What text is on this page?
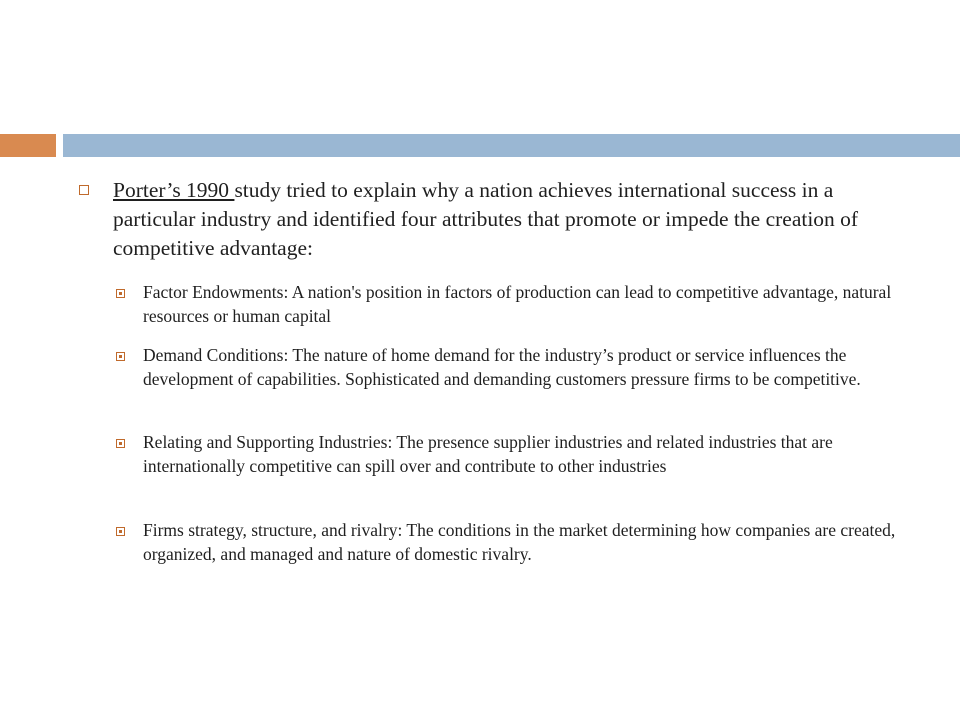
Porter’s 1990 study tried to explain why a nation achieves international success in a particular industry and identified four attributes that promote or impede the creation of competitive advantage:
Factor Endowments: A nation's position in factors of production can lead to competitive advantage, natural resources or human capital
Demand Conditions: The nature of home demand for the industry’s product or service influences the development of capabilities. Sophisticated and demanding customers pressure firms to be competitive.
Relating and Supporting Industries: The presence supplier industries and related industries that are internationally competitive can spill over and contribute to other industries
Firms strategy, structure, and rivalry: The conditions in the market determining how companies are created, organized, and managed and nature of domestic rivalry.
